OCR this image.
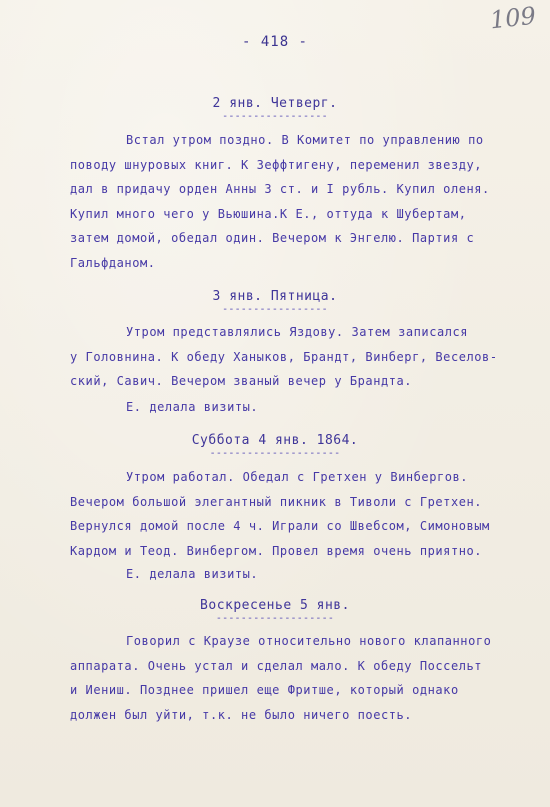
- 418 -
109
2 янв. Четверг.
-----------------
Встал утром поздно. В Комитет по управлению по
поводу шнуровых книг. К Зеффтигену, переменил звезду,
дал в придачу орден Анны 3 ст. и I рубль. Купил оленя.
Купил много чего у Вьюшина.К Е., оттуда к Шубертам,
затем домой, обедал один. Вечером к Энгелю. Партия с
Гальфданом.
3 янв. Пятница.
-----------------
Утром представлялись Яздову. Затем записался
у Головнина. К обеду Ханыков, Брандт, Винберг, Веселов-
ский, Савич. Вечером званый вечер у Брандта.
Е. делала визиты.
Суббота 4 янв. 1864.
---------------------
Утром работал. Обедал с Гретхен у Винбергов.
Вечером большой элегантный пикник в Тиволи с Гретхен.
Вернулся домой после 4 ч. Играли со Швебсом, Симоновым
Кардом и Теод. Винбергом. Провел время очень приятно.
Е. делала визиты.
Воскресенье 5 янв.
-------------------
Говорил с Краузе относительно нового клапанного
аппарата. Очень устал и сделал мало. К обеду Поссельт
и Иениш. Позднее пришел еще Фритше, который однако
должен был уйти, т.к. не было ничего поесть.
